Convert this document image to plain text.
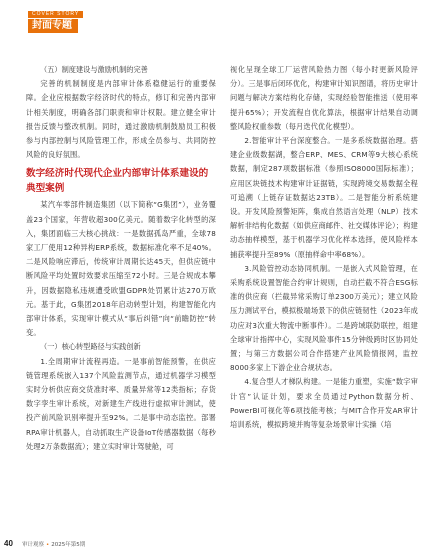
COVER STORY
封面专题

（五）制度建设与激励机制的完善

完善的机制制度是内部审计体系稳健运行的重要保障。企业应根据数字经济时代的特点，修订和完善内部审计相关制度，明确各部门职责和审计权限。建立健全审计报告反馈与整改机制。同时，通过激励机制鼓励员工积极参与内部控制与风险管理工作，形成全员参与、共同防控风险的良好氛围。

数字经济时代现代企业内部审计体系建设的典型案例

某汽车零部件制造集团（以下简称“G集团”），业务覆盖23个国家，年营收超300亿美元。随着数字化转型的深入，集团面临三大核心挑战：一是数据孤岛严重，全球78家工厂使用12种异构ERP系统，数据标准化率不足40%。二是风险响应滞后，传统审计周期长达45天，但供应链中断风险平均处置时效要求压缩至72小时。三是合规成本攀升，因数据隐私违规遭受欧盟GDPR处罚累计达270万欧元。基于此，G集团2018年启动转型计划，构建智能化内部审计体系，实现审计模式从“事后纠错”向“前瞻防控”转变。

（一）核心转型路径与实践创新

1.全周期审计流程再造。一是事前智能预警，在供应链管理系统嵌入137个风险监测节点，通过机器学习模型实时分析供应商交货准时率、质量异常等12类指标；存货数字孪生审计系统，对新建生产线进行虚拟审计测试，使投产前风险识别率提升至92%。二是事中动态监控。部署RPA审计机器人，自动抓取生产设备IoT传感器数据（每秒处理2万条数据流）；建立实时审计驾驶舱，可

视化呈现全球工厂运营风险热力图（每小时更新风险评分）。三是事后闭环优化，构建审计知识图谱，将历史审计问题与解决方案结构化存储，实现经验智能推送（使用率提升65%）；开发流程自优化算法，根据审计结果自动调整风险权重参数（每月迭代优化模型）。

2.智能审计平台深度整合。一是多系统数据治理。搭建企业级数据湖，整合ERP、MES、CRM等9大核心系统数据，制定287项数据标准（参照ISO8000国际标准）；应用区块链技术构建审计证据链，实现跨境交易数据全程可追溯（上链存证数据达23TB）。二是智能分析系统建设。开发风险预警矩阵，集成自然语言处理（NLP）技术解析非结构化数据（如供应商邮件、社交媒体评论）；构建动态抽样模型，基于机器学习优化样本选择，使风险样本捕获率提升至89%（原抽样命中率68%）。

3.风险管控动态协同机制。一是嵌入式风险管理，在采购系统设置智能合约审计规则，自动拦截不符合ESG标准的供应商（拦截异常采购订单2300万美元）；建立风险压力测试平台，模拟极端场景下的供应链韧性（2023年成功应对3次重大物流中断事件）。二是跨域联防联控，组建全球审计指挥中心，实现风险事件15分钟级跨时区协同处置；与第三方数据公司合作搭建产业风险情报网，监控8000多家上下游企业合规状态。

4.复合型人才梯队构建。一是能力重塑，实施“数字审计官”认证计划，要求全员通过Python数据分析、PowerBI可视化等6项技能考核；与MIT合作开发AR审计培训系统，模拟跨境并购等复杂场景审计实操（培

40 审计观察 • 2025年第5期
